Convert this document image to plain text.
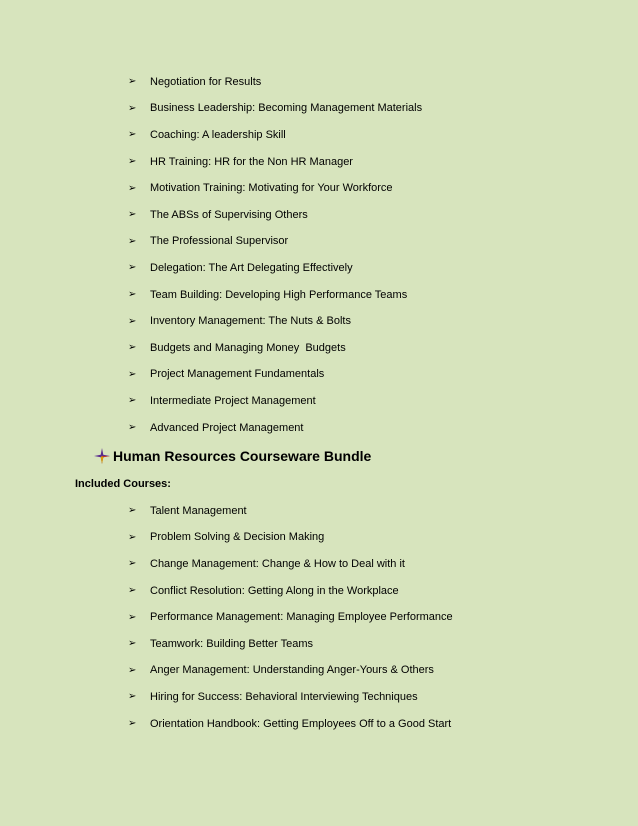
➢	Negotiation for Results
➢	Business Leadership: Becoming Management Materials
➢	Coaching: A leadership Skill
➢	HR Training: HR for the Non HR Manager
➢	Motivation Training: Motivating for Your Workforce
➢	The ABSs of Supervising Others
➢	The Professional Supervisor
➢	Delegation: The Art Delegating Effectively
➢	Team Building: Developing High Performance Teams
➢	Inventory Management: The Nuts & Bolts
➢	Budgets and Managing Money  Budgets
➢	Project Management Fundamentals
➢	Intermediate Project Management
➢	Advanced Project Management
Human Resources Courseware Bundle
Included Courses:
➢	Talent Management
➢	Problem Solving & Decision Making
➢	Change Management: Change & How to Deal with it
➢	Conflict Resolution: Getting Along in the Workplace
➢	Performance Management: Managing Employee Performance
➢	Teamwork: Building Better Teams
➢	Anger Management: Understanding Anger-Yours & Others
➢	Hiring for Success: Behavioral Interviewing Techniques
➢	Orientation Handbook: Getting Employees Off to a Good Start
